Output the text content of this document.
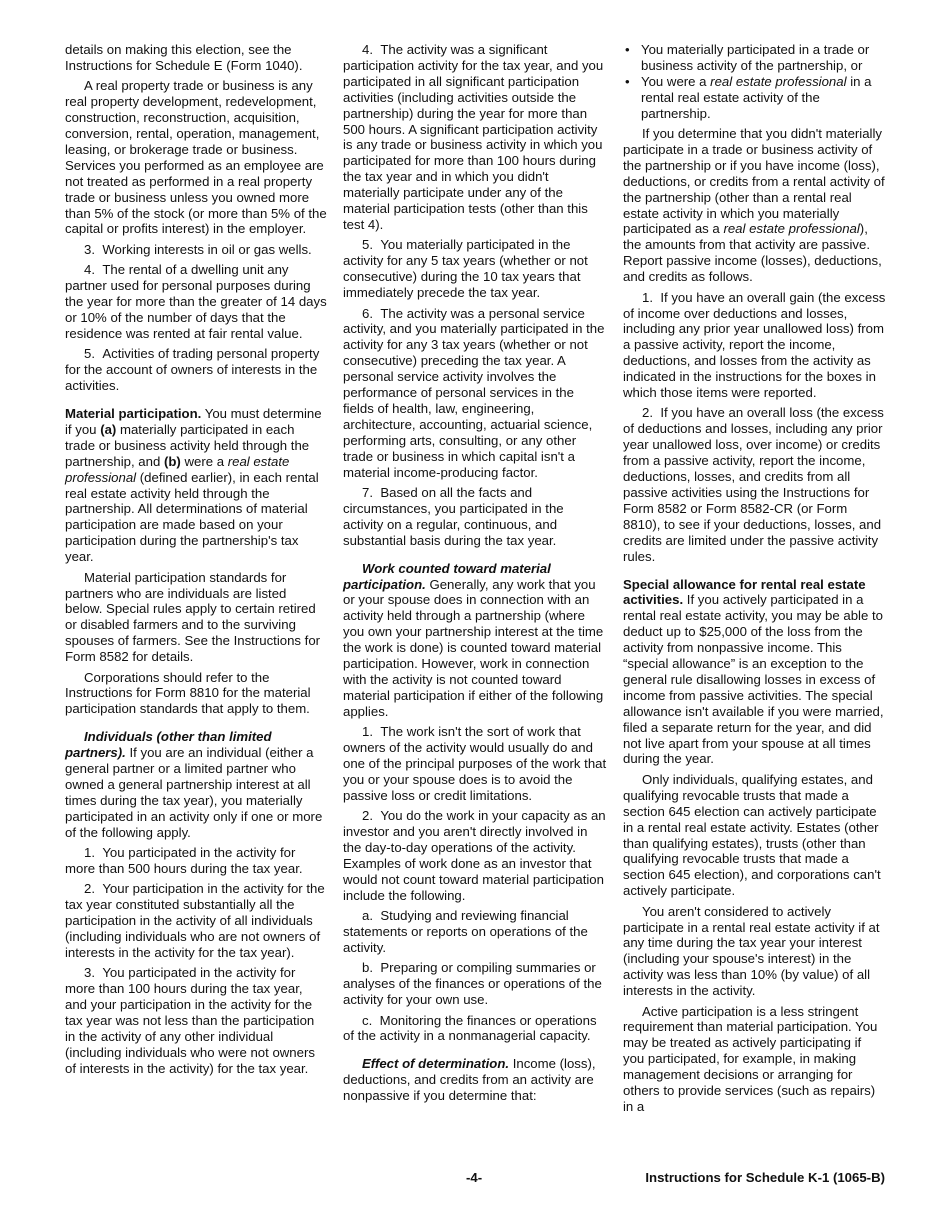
details on making this election, see the Instructions for Schedule E (Form 1040).

A real property trade or business is any real property development, redevelopment, construction, reconstruction, acquisition, conversion, rental, operation, management, leasing, or brokerage trade or business. Services you performed as an employee are not treated as performed in a real property trade or business unless you owned more than 5% of the stock (or more than 5% of the capital or profits interest) in the employer.

3.  Working interests in oil or gas wells.

4.  The rental of a dwelling unit any partner used for personal purposes during the year for more than the greater of 14 days or 10% of the number of days that the residence was rented at fair rental value.

5.  Activities of trading personal property for the account of owners of interests in the activities.

Material participation. You must determine if you (a) materially participated in each trade or business activity held through the partnership, and (b) were a real estate professional (defined earlier), in each rental real estate activity held through the partnership. All determinations of material participation are made based on your participation during the partnership's tax year.

Material participation standards for partners who are individuals are listed below. Special rules apply to certain retired or disabled farmers and to the surviving spouses of farmers. See the Instructions for Form 8582 for details.

Corporations should refer to the Instructions for Form 8810 for the material participation standards that apply to them.

Individuals (other than limited partners). If you are an individual (either a general partner or a limited partner who owned a general partnership interest at all times during the tax year), you materially participated in an activity only if one or more of the following apply.

1.  You participated in the activity for more than 500 hours during the tax year.

2.  Your participation in the activity for the tax year constituted substantially all the participation in the activity of all individuals (including individuals who are not owners of interests in the activity for the tax year).

3.  You participated in the activity for more than 100 hours during the tax year, and your participation in the activity for the tax year was not less than the participation in the activity of any other individual (including individuals who were not owners of interests in the activity) for the tax year.

4.  The activity was a significant participation activity for the tax year, and you participated in all significant participation activities (including activities outside the partnership) during the year for more than 500 hours. A significant participation activity is any trade or business activity in which you participated for more than 100 hours during the tax year and in which you didn't materially participate under any of the material participation tests (other than this test 4).

5.  You materially participated in the activity for any 5 tax years (whether or not consecutive) during the 10 tax years that immediately precede the tax year.

6.  The activity was a personal service activity, and you materially participated in the activity for any 3 tax years (whether or not consecutive) preceding the tax year. A personal service activity involves the performance of personal services in the fields of health, law, engineering, architecture, accounting, actuarial science, performing arts, consulting, or any other trade or business in which capital isn't a material income-producing factor.

7.  Based on all the facts and circumstances, you participated in the activity on a regular, continuous, and substantial basis during the tax year.

Work counted toward material participation. Generally, any work that you or your spouse does in connection with an activity held through a partnership (where you own your partnership interest at the time the work is done) is counted toward material participation. However, work in connection with the activity is not counted toward material participation if either of the following applies.

1.  The work isn't the sort of work that owners of the activity would usually do and one of the principal purposes of the work that you or your spouse does is to avoid the passive loss or credit limitations.

2.  You do the work in your capacity as an investor and you aren't directly involved in the day-to-day operations of the activity. Examples of work done as an investor that would not count toward material participation include the following.

a.  Studying and reviewing financial statements or reports on operations of the activity.

b.  Preparing or compiling summaries or analyses of the finances or operations of the activity for your own use.

c.  Monitoring the finances or operations of the activity in a nonmanagerial capacity.

Effect of determination. Income (loss), deductions, and credits from an activity are nonpassive if you determine that:

• You materially participated in a trade or business activity of the partnership, or
• You were a real estate professional in a rental real estate activity of the partnership.

If you determine that you didn't materially participate in a trade or business activity of the partnership or if you have income (loss), deductions, or credits from a rental activity of the partnership (other than a rental real estate activity in which you materially participated as a real estate professional), the amounts from that activity are passive. Report passive income (losses), deductions, and credits as follows.

1.  If you have an overall gain (the excess of income over deductions and losses, including any prior year unallowed loss) from a passive activity, report the income, deductions, and losses from the activity as indicated in the instructions for the boxes in which those items were reported.

2.  If you have an overall loss (the excess of deductions and losses, including any prior year unallowed loss, over income) or credits from a passive activity, report the income, deductions, losses, and credits from all passive activities using the Instructions for Form 8582 or Form 8582-CR (or Form 8810), to see if your deductions, losses, and credits are limited under the passive activity rules.

Special allowance for rental real estate activities. If you actively participated in a rental real estate activity, you may be able to deduct up to $25,000 of the loss from the activity from nonpassive income. This “special allowance” is an exception to the general rule disallowing losses in excess of income from passive activities. The special allowance isn't available if you were married, filed a separate return for the year, and did not live apart from your spouse at all times during the year.

Only individuals, qualifying estates, and qualifying revocable trusts that made a section 645 election can actively participate in a rental real estate activity. Estates (other than qualifying estates), trusts (other than qualifying revocable trusts that made a section 645 election), and corporations can't actively participate.

You aren't considered to actively participate in a rental real estate activity if at any time during the tax year your interest (including your spouse's interest) in the activity was less than 10% (by value) of all interests in the activity.

Active participation is a less stringent requirement than material participation. You may be treated as actively participating if you participated, for example, in making management decisions or arranging for others to provide services (such as repairs) in a

-4-	Instructions for Schedule K-1 (1065-B)
